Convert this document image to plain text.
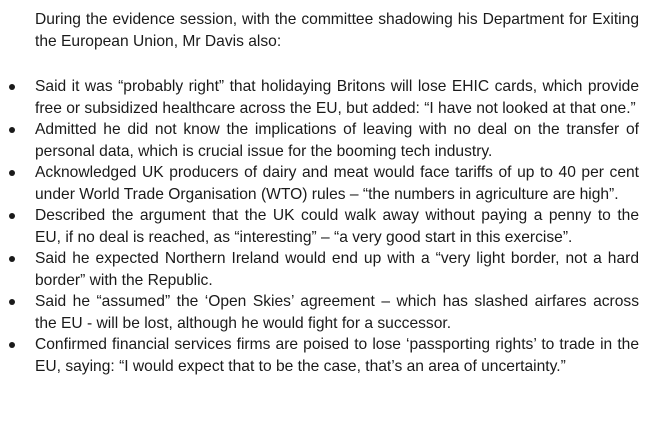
During the evidence session, with the committee shadowing his Department for Exiting the European Union, Mr Davis also:

Said it was “probably right” that holidaying Britons will lose EHIC cards, which provide free or subsidized healthcare across the EU, but added: “I have not looked at that one.”
Admitted he did not know the implications of leaving with no deal on the transfer of personal data, which is crucial issue for the booming tech industry.
Acknowledged UK producers of dairy and meat would face tariffs of up to 40 per cent under World Trade Organisation (WTO) rules – “the numbers in agriculture are high”.
Described the argument that the UK could walk away without paying a penny to the EU, if no deal is reached, as “interesting” – “a very good start in this exercise”.
Said he expected Northern Ireland would end up with a “very light border, not a hard border” with the Republic.
Said he “assumed” the ‘Open Skies’ agreement – which has slashed airfares across the EU - will be lost, although he would fight for a successor.
Confirmed financial services firms are poised to lose ‘passporting rights’ to trade in the EU, saying: “I would expect that to be the case, that’s an area of uncertainty.”
